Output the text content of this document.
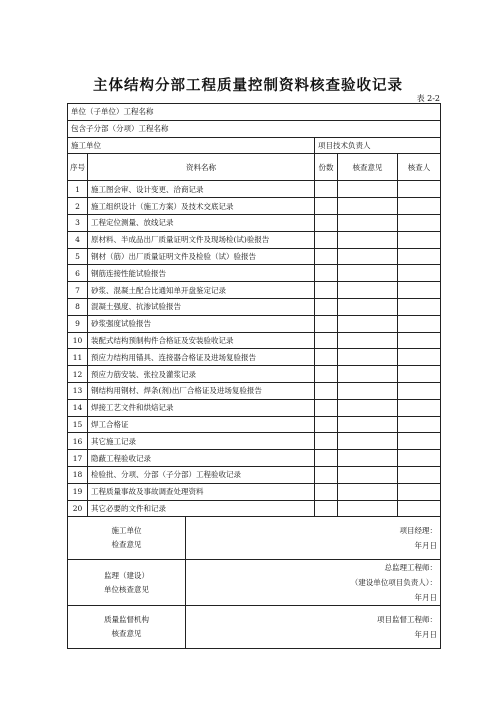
主体结构分部工程质量控制资料核查验收记录
表 2-2
单位（子单位）工程名称					
包含子分部（分项）工程名称					
施工单位			项目技术负责人		
序号	资料名称		份数	核查意见	核查人
1	施工图会审、设计变更、洽商记录				
2	施工组织设计（施工方案）及技术交底记录				
3	工程定位测量、放线记录				
4	原材料、半成品出厂质量证明文件及现场检(试)验报告				
5	钢材（筋）出厂质量证明文件及检验（试）验报告				
6	钢筋连接性能试验报告				
7	砂浆、混凝土配合比通知单开盘鉴定记录				
8	混凝土强度、抗渗试验报告				
9	砂浆强度试验报告				
10	装配式结构预制构件合格证及安装验收记录				
11	预应力结构用锚具、连接器合格证及进场复验报告				
12	预应力筋安装、张拉及灌浆记录				
13	钢结构用钢材、焊条(剂)出厂合格证及进场复验报告				
14	焊接工艺文件和烘焙记录				
15	焊工合格证				
16	其它施工记录				
17	隐蔽工程验收记录				
18	检验批、分项、分部（子分部）工程验收记录				
19	工程质量事故及事故调查处理资料				
20	其它必要的文件和记录				

施工单位
检查意见		项目经理：
年月日			

监理（建设）
单位核查意见		总监理工程师：
（建设单位项目负责人）：
年月日			

质量监督机构
核查意见		项目监督工程师：
年月日			
